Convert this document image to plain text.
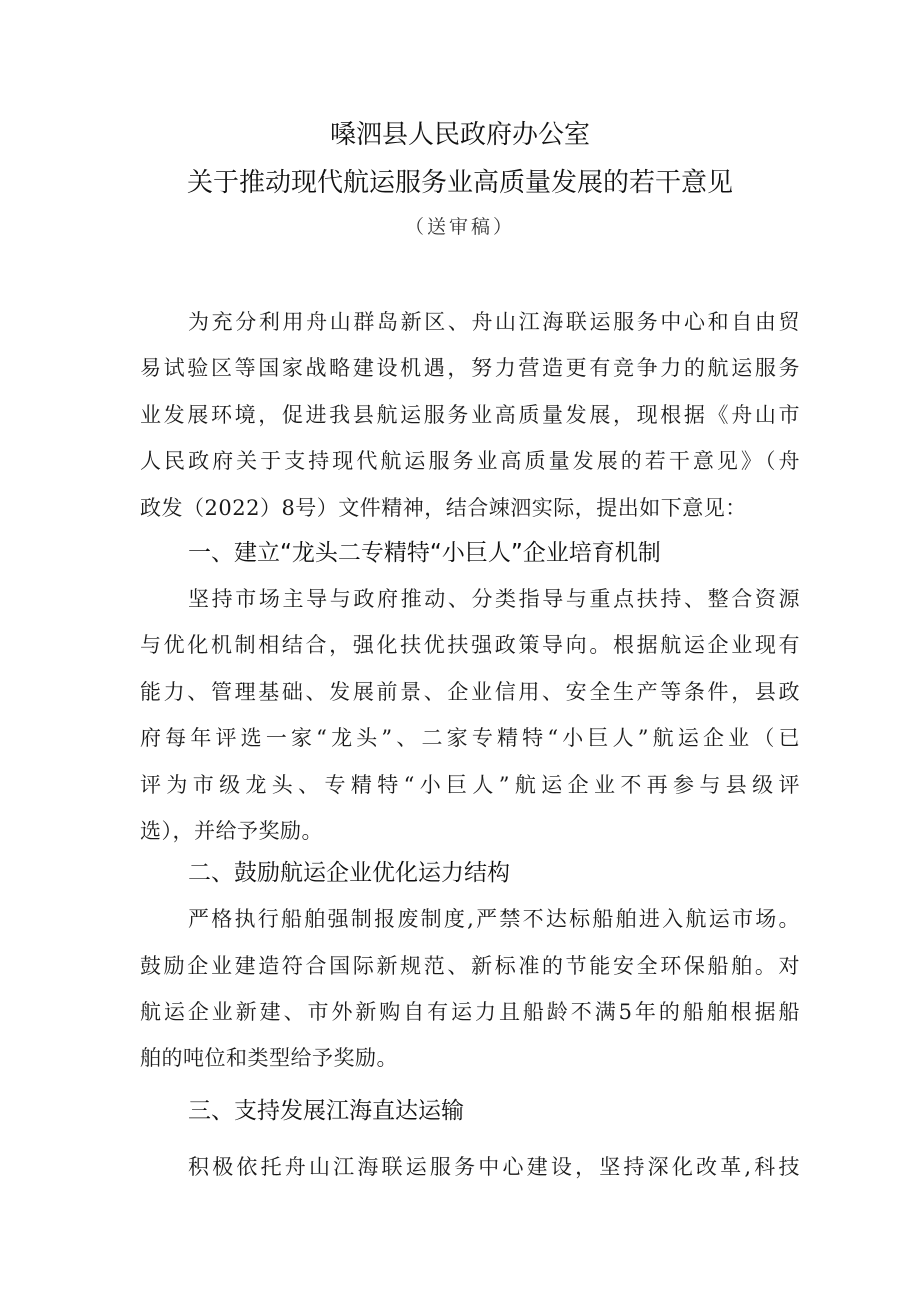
嗓泗县人民政府办公室
关于推动现代航运服务业高质量发展的若干意见
（送审稿）
为充分利用舟山群岛新区、舟山江海联运服务中心和自由贸
易试验区等国家战略建设机遇，努力营造更有竞争力的航运服务
业发展环境，促进我县航运服务业高质量发展，现根据《舟山市
人民政府关于支持现代航运服务业高质量发展的若干意见》（舟
政发（2022）8号）文件精神，结合竦泗实际，提出如下意见：
一、建立“龙头二专精特“小巨人”企业培育机制
坚持市场主导与政府推动、分类指导与重点扶持、整合资源
与优化机制相结合，强化扶优扶强政策导向。根据航运企业现有
能力、管理基础、发展前景、企业信用、安全生产等条件，县政
府每年评选一家“龙头”、二家专精特“小巨人”航运企业（已
评为市级龙头、专精特“小巨人”航运企业不再参与县级评
选），并给予奖励。
二、鼓励航运企业优化运力结构
严格执行船舶强制报废制度,严禁不达标船舶进入航运市场。
鼓励企业建造符合国际新规范、新标准的节能安全环保船舶。对
航运企业新建、市外新购自有运力且船龄不满5年的船舶根据船
舶的吨位和类型给予奖励。
三、支持发展江海直达运输
积极依托舟山江海联运服务中心建设，坚持深化改革,科技
